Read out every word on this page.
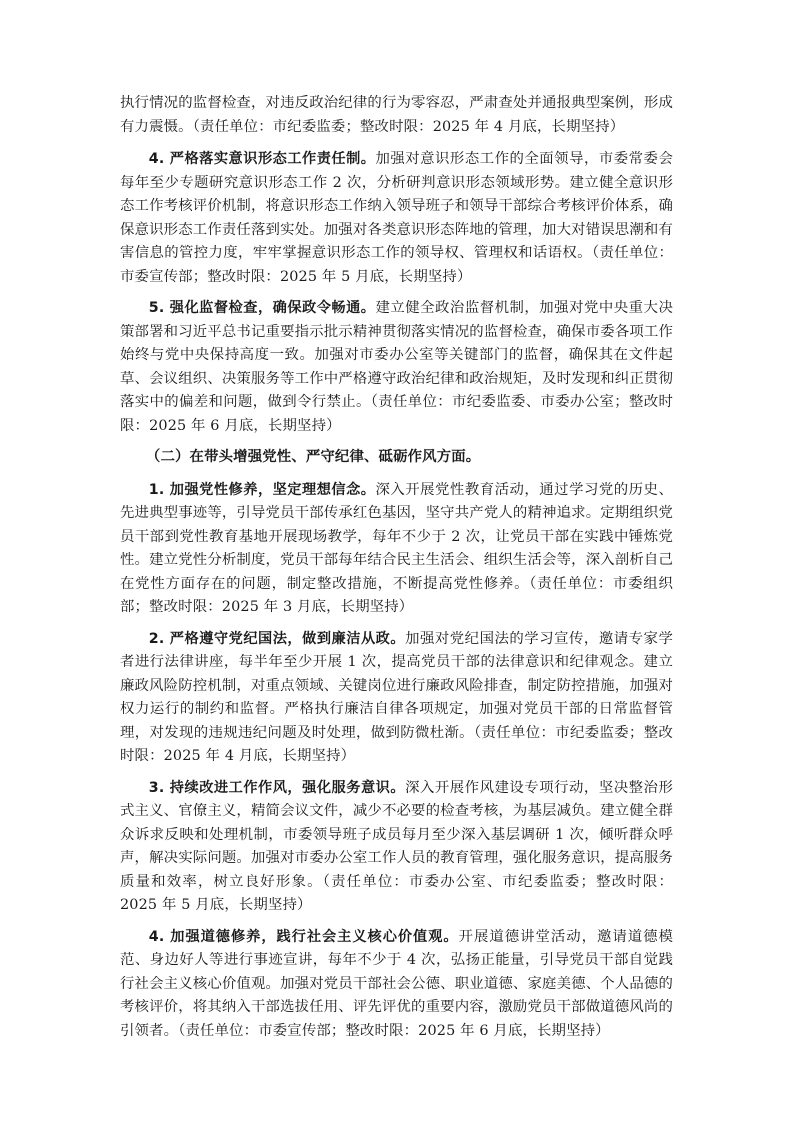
执行情况的监督检查，对违反政治纪律的行为零容忍，严肃查处并通报典型案例，形成有力震慑。（责任单位：市纪委监委；整改时限：2025 年 4 月底，长期坚持）

4. 严格落实意识形态工作责任制。加强对意识形态工作的全面领导，市委常委会每年至少专题研究意识形态工作 2 次，分析研判意识形态领域形势。建立健全意识形态工作考核评价机制，将意识形态工作纳入领导班子和领导干部综合考核评价体系，确保意识形态工作责任落到实处。加强对各类意识形态阵地的管理，加大对错误思潮和有害信息的管控力度，牢牢掌握意识形态工作的领导权、管理权和话语权。（责任单位：市委宣传部；整改时限：2025 年 5 月底，长期坚持）

5. 强化监督检查，确保政令畅通。建立健全政治监督机制，加强对党中央重大决策部署和习近平总书记重要指示批示精神贯彻落实情况的监督检查，确保市委各项工作始终与党中央保持高度一致。加强对市委办公室等关键部门的监督，确保其在文件起草、会议组织、决策服务等工作中严格遵守政治纪律和政治规矩，及时发现和纠正贯彻落实中的偏差和问题，做到令行禁止。（责任单位：市纪委监委、市委办公室；整改时限：2025 年 6 月底，长期坚持）

（二）在带头增强党性、严守纪律、砥砺作风方面。

1. 加强党性修养，坚定理想信念。深入开展党性教育活动，通过学习党的历史、先进典型事迹等，引导党员干部传承红色基因，坚守共产党人的精神追求。定期组织党员干部到党性教育基地开展现场教学，每年不少于 2 次，让党员干部在实践中锤炼党性。建立党性分析制度，党员干部每年结合民主生活会、组织生活会等，深入剖析自己在党性方面存在的问题，制定整改措施，不断提高党性修养。（责任单位：市委组织部；整改时限：2025 年 3 月底，长期坚持）

2. 严格遵守党纪国法，做到廉洁从政。加强对党纪国法的学习宣传，邀请专家学者进行法律讲座，每半年至少开展 1 次，提高党员干部的法律意识和纪律观念。建立廉政风险防控机制，对重点领域、关键岗位进行廉政风险排查，制定防控措施，加强对权力运行的制约和监督。严格执行廉洁自律各项规定，加强对党员干部的日常监督管理，对发现的违规违纪问题及时处理，做到防微杜渐。（责任单位：市纪委监委；整改时限：2025 年 4 月底，长期坚持）

3. 持续改进工作作风，强化服务意识。深入开展作风建设专项行动，坚决整治形式主义、官僚主义，精简会议文件，减少不必要的检查考核，为基层减负。建立健全群众诉求反映和处理机制，市委领导班子成员每月至少深入基层调研 1 次，倾听群众呼声，解决实际问题。加强对市委办公室工作人员的教育管理，强化服务意识，提高服务质量和效率，树立良好形象。（责任单位：市委办公室、市纪委监委；整改时限：2025 年 5 月底，长期坚持）

4. 加强道德修养，践行社会主义核心价值观。开展道德讲堂活动，邀请道德模范、身边好人等进行事迹宣讲，每年不少于 4 次，弘扬正能量，引导党员干部自觉践行社会主义核心价值观。加强对党员干部社会公德、职业道德、家庭美德、个人品德的考核评价，将其纳入干部选拔任用、评先评优的重要内容，激励党员干部做道德风尚的引领者。（责任单位：市委宣传部；整改时限：2025 年 6 月底，长期坚持）
